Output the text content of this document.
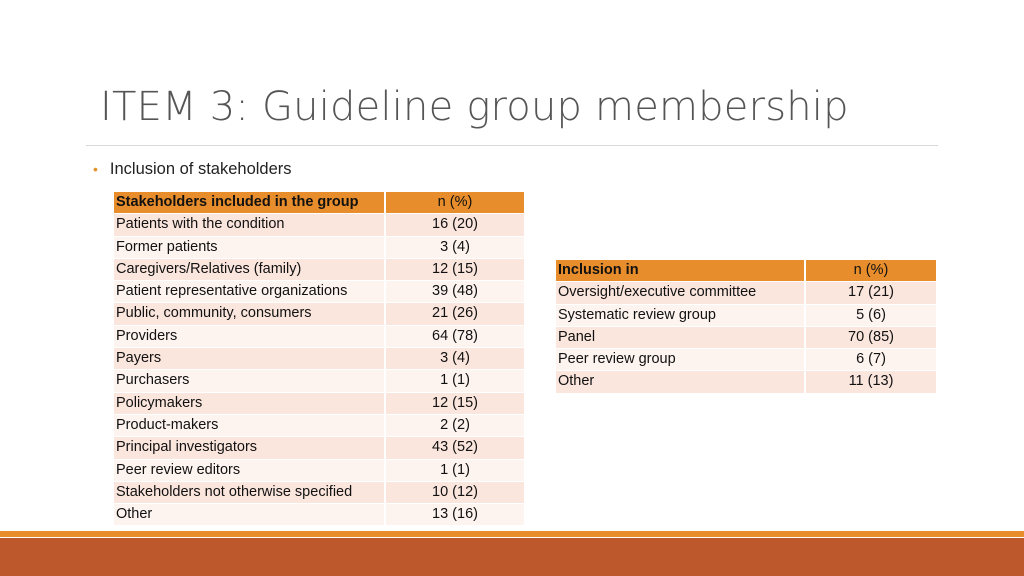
ITEM 3: Guideline group membership
• Inclusion of stakeholders
Stakeholders included in the group	n (%)
Patients with the condition	16 (20)
Former patients	3 (4)
Caregivers/Relatives (family)	12 (15)
Patient representative organizations	39 (48)
Public, community, consumers	21 (26)
Providers	64 (78)
Payers	3 (4)
Purchasers	1 (1)
Policymakers	12 (15)
Product-makers	2 (2)
Principal investigators	43 (52)
Peer review editors	1 (1)
Stakeholders not otherwise specified	10 (12)
Other	13 (16)
Inclusion in	n (%)
Oversight/executive committee	17 (21)
Systematic review group	5 (6)
Panel	70 (85)
Peer review group	6 (7)
Other	11 (13)
